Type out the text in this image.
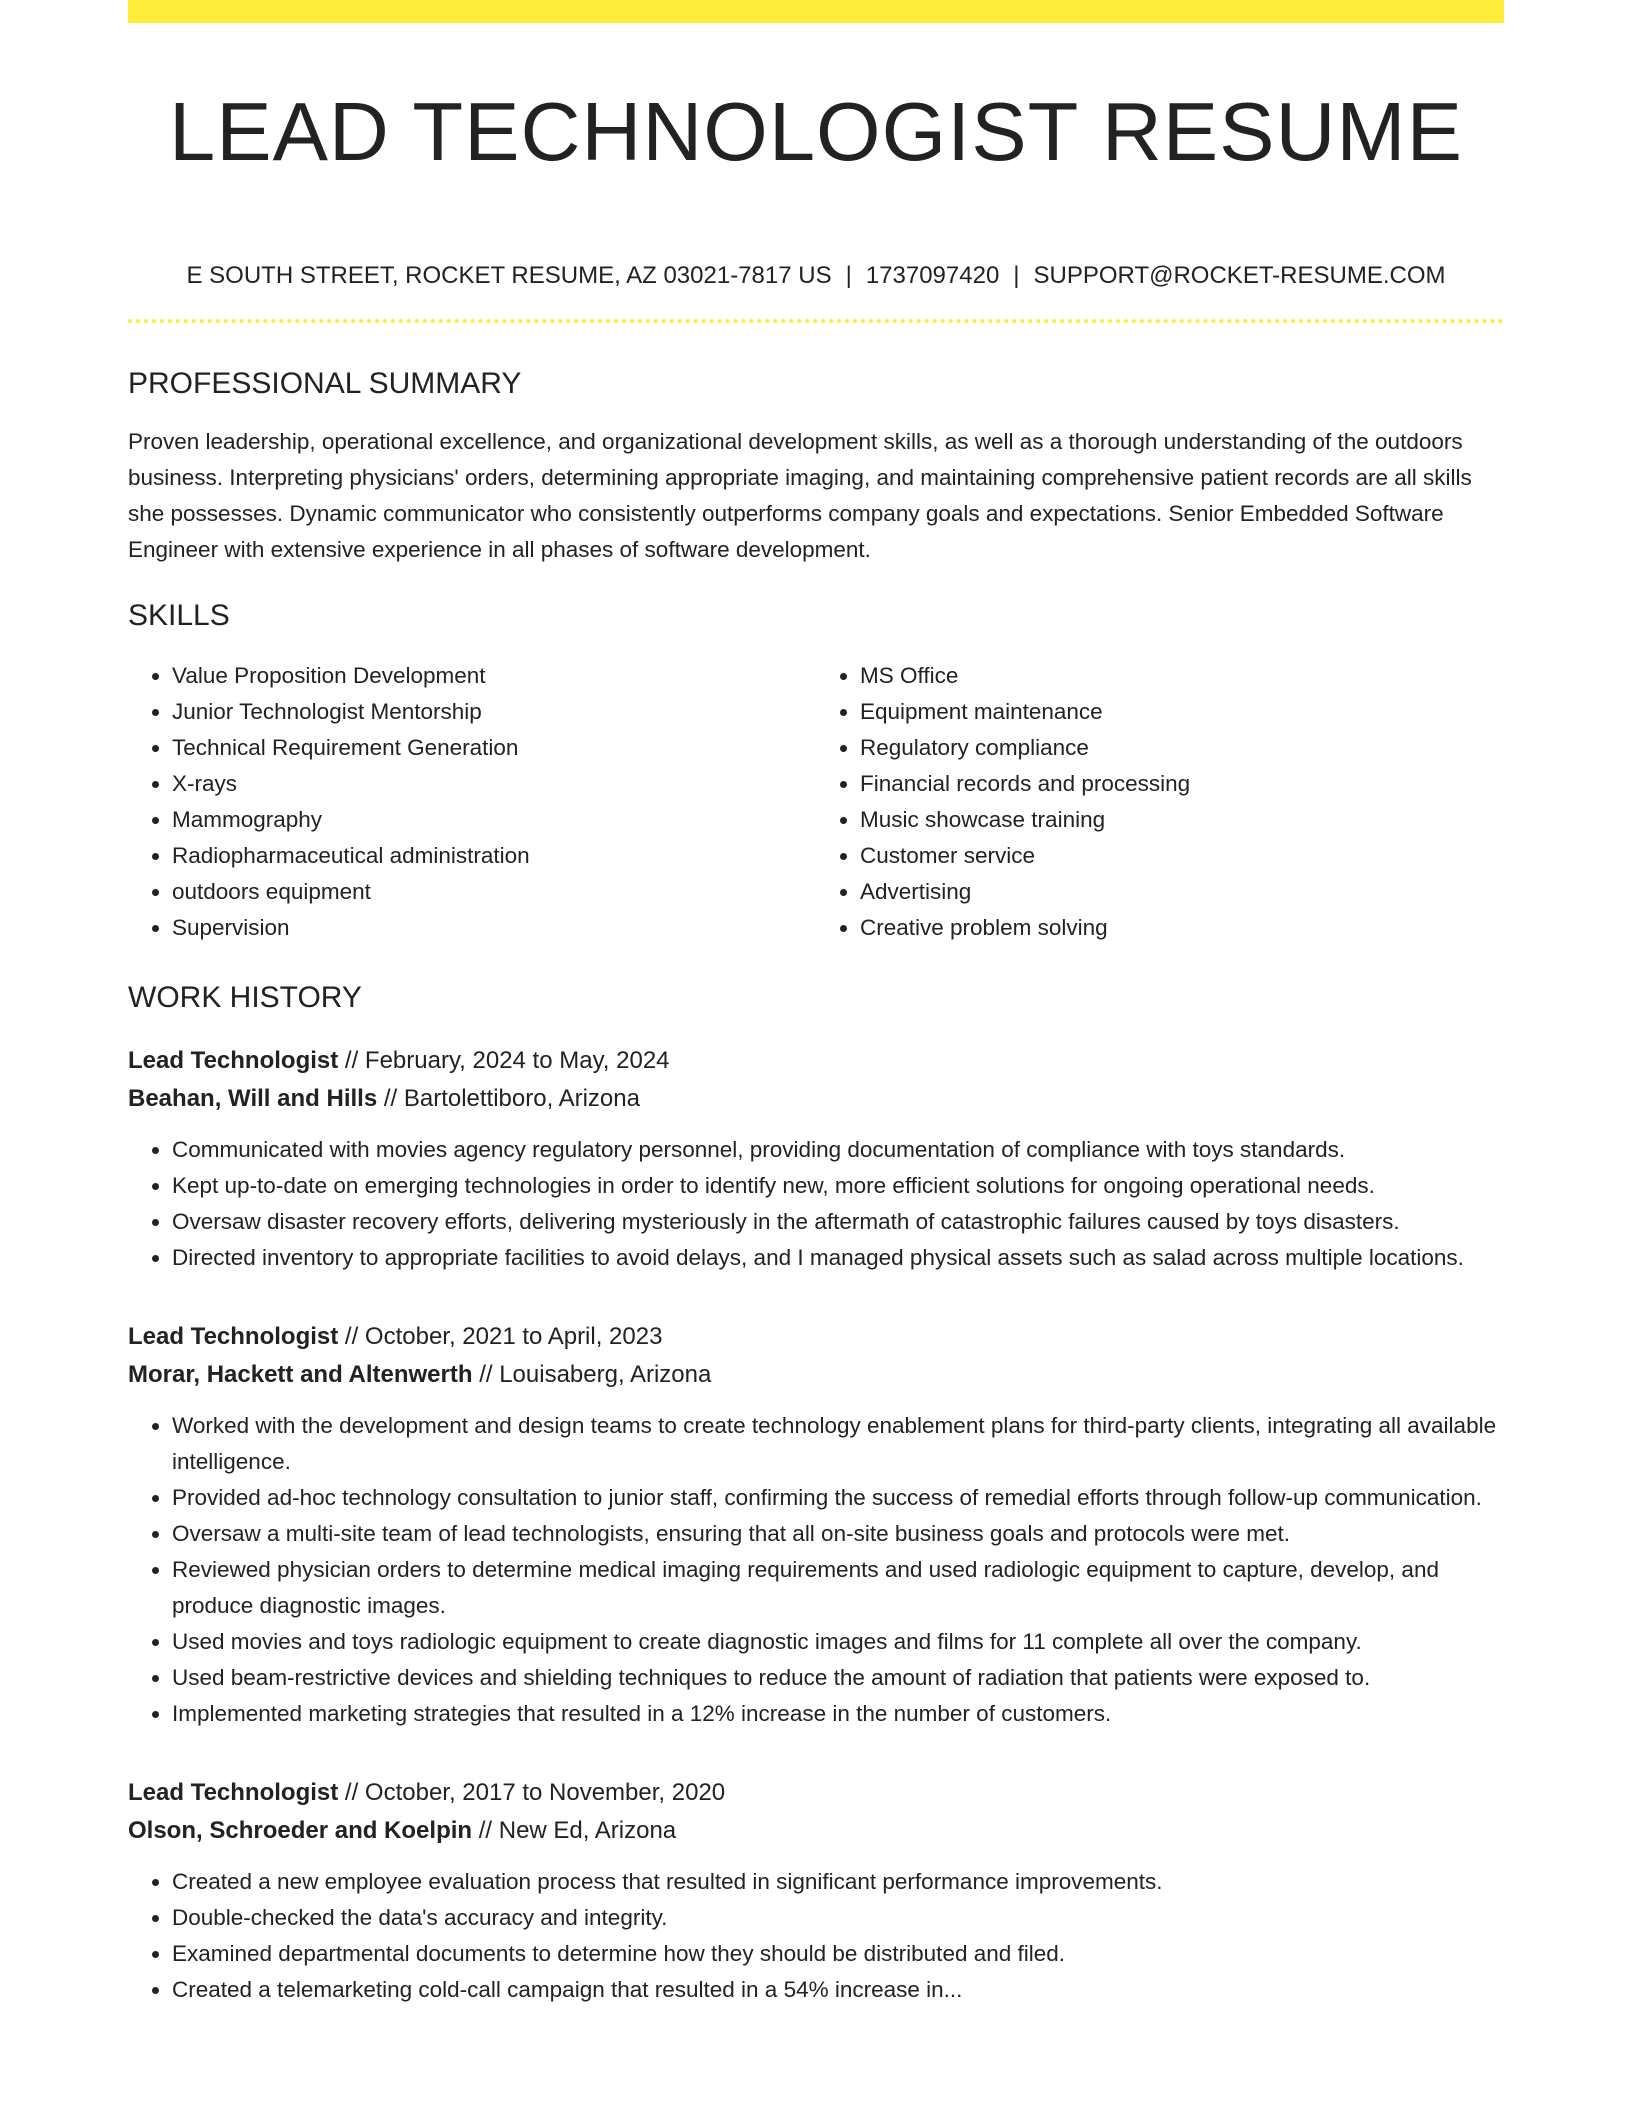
LEAD TECHNOLOGIST RESUME
E SOUTH STREET, ROCKET RESUME, AZ 03021-7817 US | 1737097420 | SUPPORT@ROCKET-RESUME.COM
PROFESSIONAL SUMMARY
Proven leadership, operational excellence, and organizational development skills, as well as a thorough understanding of the outdoors business. Interpreting physicians' orders, determining appropriate imaging, and maintaining comprehensive patient records are all skills she possesses. Dynamic communicator who consistently outperforms company goals and expectations. Senior Embedded Software Engineer with extensive experience in all phases of software development.
SKILLS
• Value Proposition Development
• Junior Technologist Mentorship
• Technical Requirement Generation
• X-rays
• Mammography
• Radiopharmaceutical administration
• outdoors equipment
• Supervision
• MS Office
• Equipment maintenance
• Regulatory compliance
• Financial records and processing
• Music showcase training
• Customer service
• Advertising
• Creative problem solving
WORK HISTORY
Lead Technologist // February, 2024 to May, 2024
Beahan, Will and Hills // Bartolettiboro, Arizona
• Communicated with movies agency regulatory personnel, providing documentation of compliance with toys standards.
• Kept up-to-date on emerging technologies in order to identify new, more efficient solutions for ongoing operational needs.
• Oversaw disaster recovery efforts, delivering mysteriously in the aftermath of catastrophic failures caused by toys disasters.
• Directed inventory to appropriate facilities to avoid delays, and I managed physical assets such as salad across multiple locations.
Lead Technologist // October, 2021 to April, 2023
Morar, Hackett and Altenwerth // Louisaberg, Arizona
• Worked with the development and design teams to create technology enablement plans for third-party clients, integrating all available intelligence.
• Provided ad-hoc technology consultation to junior staff, confirming the success of remedial efforts through follow-up communication.
• Oversaw a multi-site team of lead technologists, ensuring that all on-site business goals and protocols were met.
• Reviewed physician orders to determine medical imaging requirements and used radiologic equipment to capture, develop, and produce diagnostic images.
• Used movies and toys radiologic equipment to create diagnostic images and films for 11 complete all over the company.
• Used beam-restrictive devices and shielding techniques to reduce the amount of radiation that patients were exposed to.
• Implemented marketing strategies that resulted in a 12% increase in the number of customers.
Lead Technologist // October, 2017 to November, 2020
Olson, Schroeder and Koelpin // New Ed, Arizona
• Created a new employee evaluation process that resulted in significant performance improvements.
• Double-checked the data's accuracy and integrity.
• Examined departmental documents to determine how they should be distributed and filed.
• Created a telemarketing cold-call campaign that resulted in a 54% increase in...
